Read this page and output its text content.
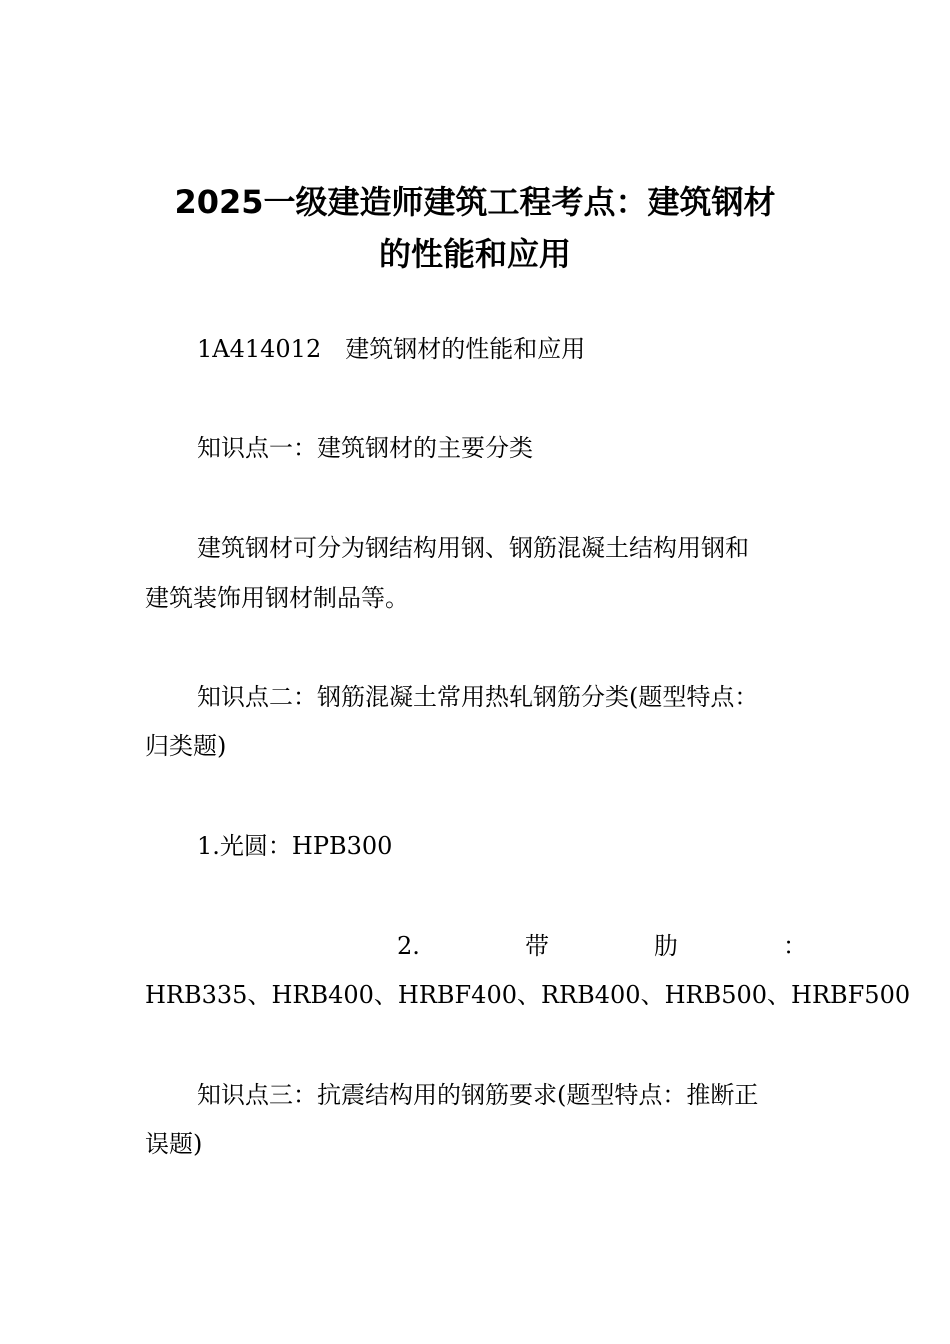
2025一级建造师建筑工程考点：建筑钢材
的性能和应用

1A414012　建筑钢材的性能和应用

知识点一：建筑钢材的主要分类

建筑钢材可分为钢结构用钢、钢筋混凝土结构用钢和

建筑装饰用钢材制品等。

知识点二：钢筋混凝土常用热轧钢筋分类(题型特点：

归类题)

1.光圆：HPB300

2.	带	肋	：

HRB335、HRB400、HRBF400、RRB400、HRB500、HRBF500

知识点三：抗震结构用的钢筋要求(题型特点：推断正

误题)
